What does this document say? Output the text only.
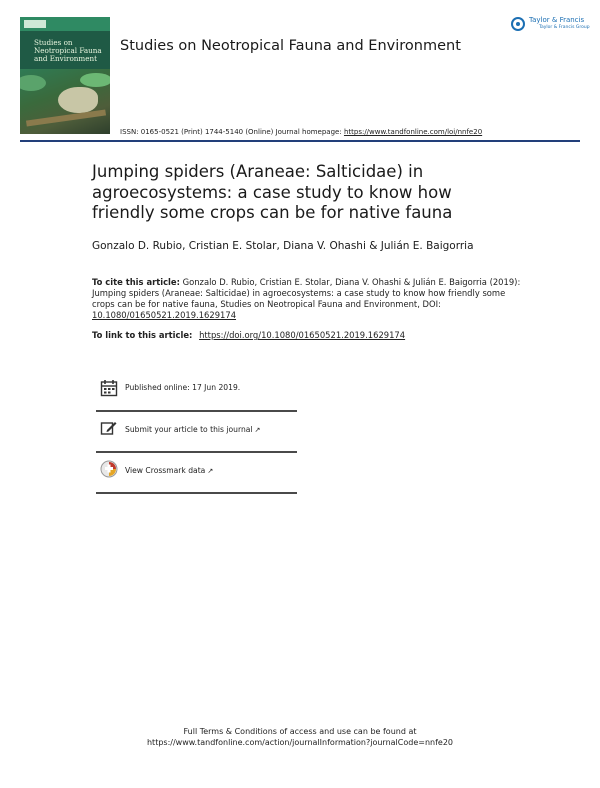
Studies on
Neotropical Fauna
and Environment
Studies on Neotropical Fauna and Environment
Taylor & Francis
Taylor & Francis Group
ISSN: 0165-0521 (Print) 1744-5140 (Online) Journal homepage: https://www.tandfonline.com/loi/nnfe20
Jumping spiders (Araneae: Salticidae) in
agroecosystems: a case study to know how
friendly some crops can be for native fauna
Gonzalo D. Rubio, Cristian E. Stolar, Diana V. Ohashi & Julián E. Baigorria
To cite this article: Gonzalo D. Rubio, Cristian E. Stolar, Diana V. Ohashi & Julián E. Baigorria (2019): Jumping spiders (Araneae: Salticidae) in agroecosystems: a case study to know how friendly some crops can be for native fauna, Studies on Neotropical Fauna and Environment, DOI: 10.1080/01650521.2019.1629174
To link to this article: https://doi.org/10.1080/01650521.2019.1629174
Published online: 17 Jun 2019.
Submit your article to this journal ↗
View Crossmark data ↗
Full Terms & Conditions of access and use can be found at
https://www.tandfonline.com/action/journalInformation?journalCode=nnfe20
